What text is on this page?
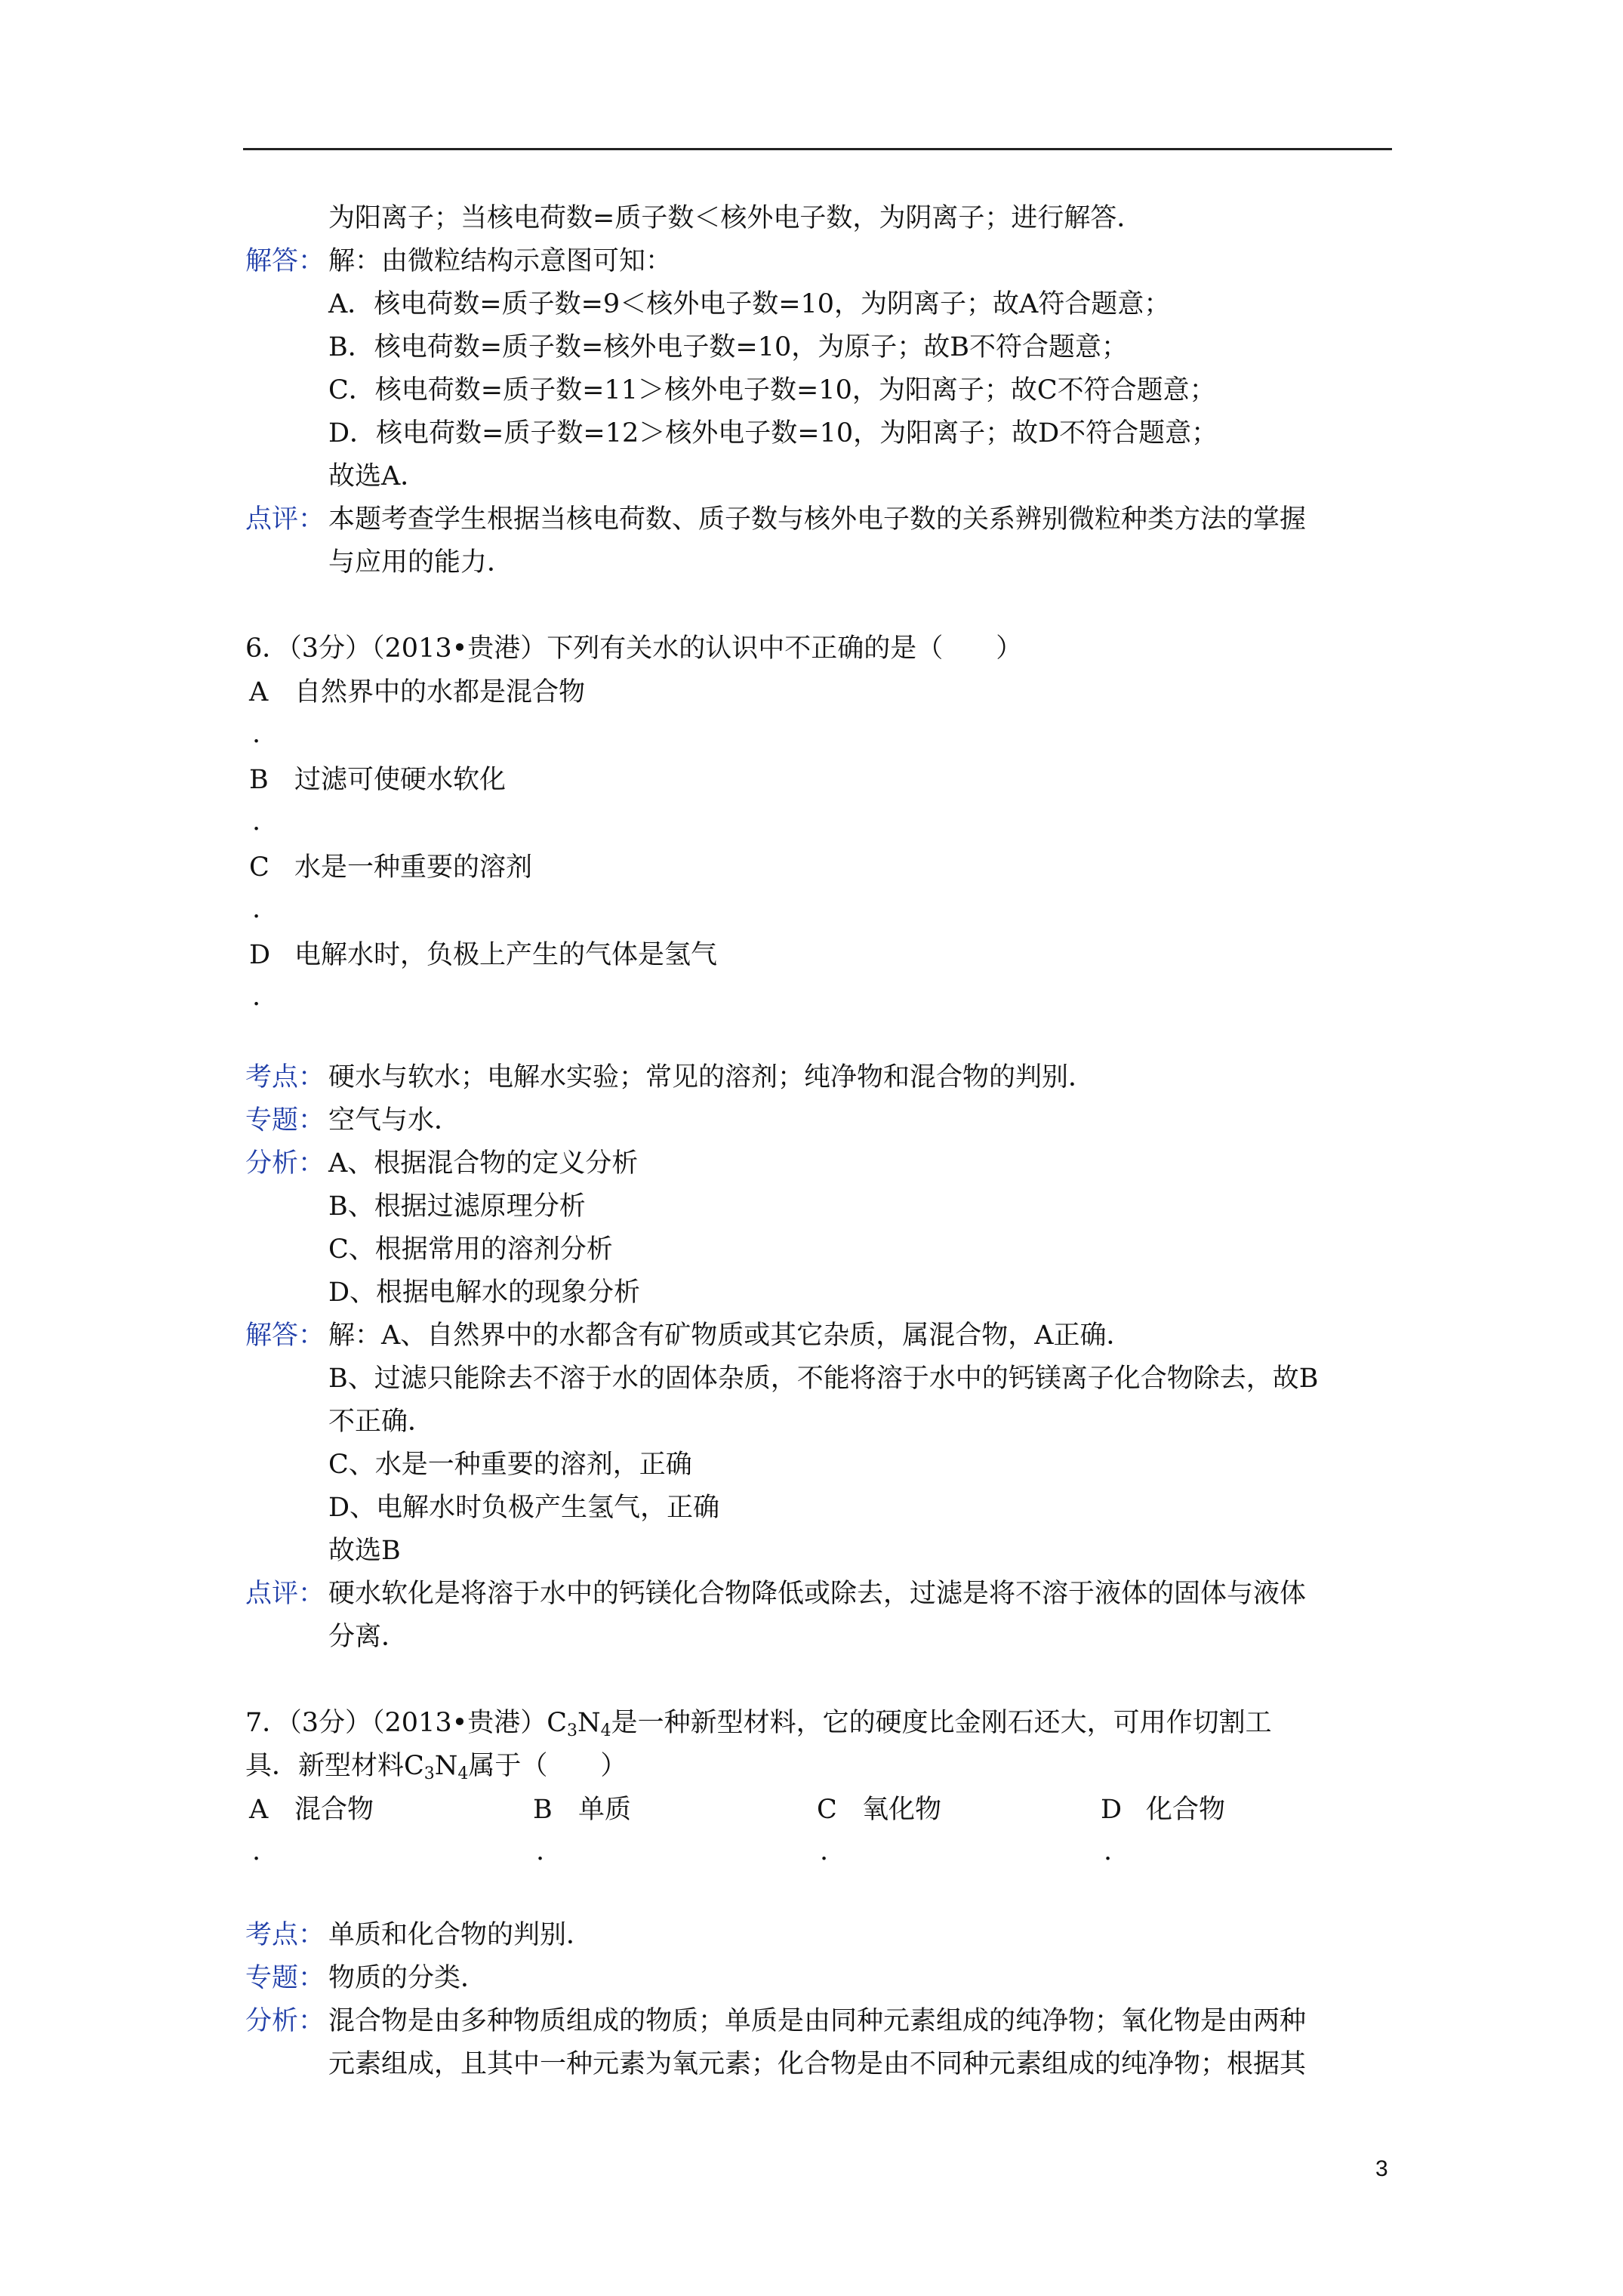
为阳离子；当核电荷数=质子数＜核外电子数，为阴离子；进行解答．
解答： 解：由微粒结构示意图可知：
A．核电荷数=质子数=9＜核外电子数=10，为阴离子；故A符合题意；
B．核电荷数=质子数=核外电子数=10，为原子；故B不符合题意；
C．核电荷数=质子数=11＞核外电子数=10，为阳离子；故C不符合题意；
D．核电荷数=质子数=12＞核外电子数=10，为阳离子；故D不符合题意；
故选A．
点评： 本题考查学生根据当核电荷数、质子数与核外电子数的关系辨别微粒种类方法的掌握
与应用的能力．
6．（3分）（2013•贵港）下列有关水的认识中不正确的是（　　）
A 自然界中的水都是混合物
.
B 过滤可使硬水软化
.
C 水是一种重要的溶剂
.
D 电解水时，负极上产生的气体是氢气
.
考点： 硬水与软水；电解水实验；常见的溶剂；纯净物和混合物的判别．
专题： 空气与水．
分析： A、根据混合物的定义分析
B、根据过滤原理分析
C、根据常用的溶剂分析
D、根据电解水的现象分析
解答： 解：A、自然界中的水都含有矿物质或其它杂质，属混合物，A正确．
B、过滤只能除去不溶于水的固体杂质，不能将溶于水中的钙镁离子化合物除去，故B
不正确．
C、水是一种重要的溶剂，正确
D、电解水时负极产生氢气，正确
故选B
点评： 硬水软化是将溶于水中的钙镁化合物降低或除去，过滤是将不溶于液体的固体与液体
分离．
7．（3分）（2013•贵港）$C_3N_4$是一种新型材料，它的硬度比金刚石还大，可用作切割工
具．新型材料$C_3N_4$属于（　　）
A 混合物
.
B 单质
.
C 氧化物
.
D 化合物
.
考点： 单质和化合物的判别．
专题： 物质的分类．
分析： 混合物是由多种物质组成的物质；单质是由同种元素组成的纯净物；氧化物是由两种
元素组成，且其中一种元素为氧元素；化合物是由不同种元素组成的纯净物；根据其
3
